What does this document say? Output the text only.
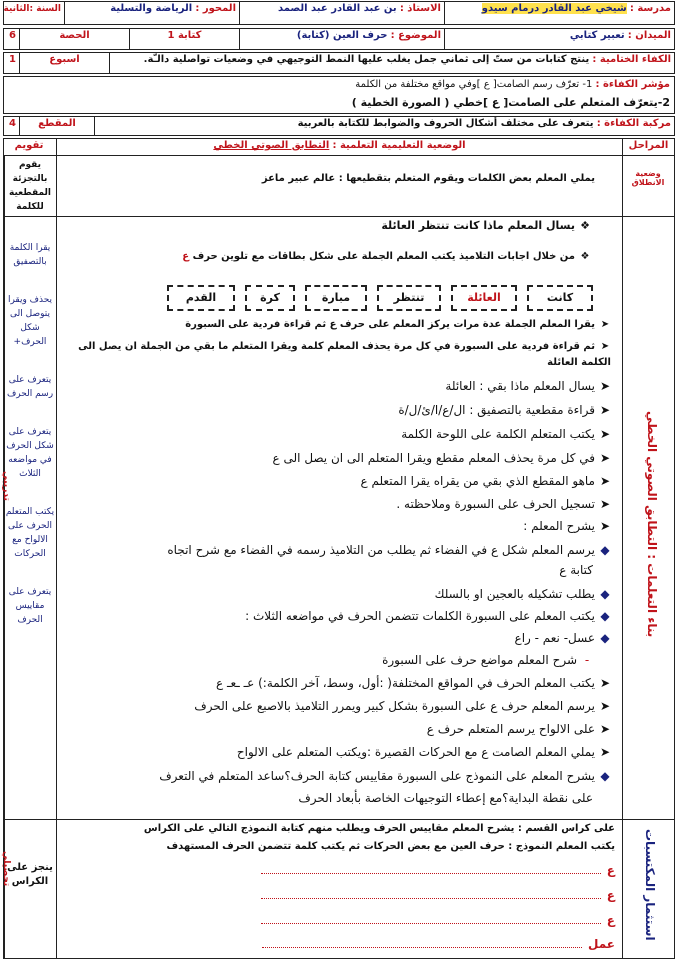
مدرسة : شيخي عبد القادر درمام سيدو
الاستاذ : بن عبد القادر عبد الصمد
المحور : الرياضة والتسلية
السنة :الثانية
الميدان : تعبير كتابي
الموضوع : حرف العين (كتابة)
كتابة 1
الحصة
6
الكفاء الختامية : ينتج كتابات من ستّ إلى ثماني جمل يغلب عليها النمط التوجيهي في وضعيات تواصلية دالـّة.
اسبوع
1
مؤشر الكفاءة : 1- تعرّف رسم الصامت[ ع ]وفي مواقع مختلفة من الكلمة
2-يتعرّف المتعلم على الصامت[ ع ]خطي ( الصورة الخطية )
مركبة الكفاءة : يتعرف على مختلف أشكال الحروف والضوابط للكتابة بالعربية
المقطع
4
المراحل
الوضعية التعليمية التعلمية : التطابق الصوتي الخطي
تقويم
وضعية الانطلاق
يملي المعلم بعض الكلمات ويقوم المتعلم بتقطيعها : عالم عبير ماعز
يقوم بالتجزئة المقطعية للكلمة
بناء التعلمات : التطابق الصوتي الخطي
تدريبي
❖يسال المعلم ماذا كانت تنتظر العائلة
❖من خلال اجابات التلاميذ يكتب المعلم الجملة على شكل بطاقات مع تلوين حرف ع
كانت
العائلة
تنتظر
مبارة
كرة
القدم
➤يقرا المعلم الجملة عدة مرات يركز المعلم على حرف ع ثم قراءة فردية على السبورة
➤ثم قراءة فردية على السبورة في كل مرة يحذف المعلم كلمة ويقرا المتعلم ما بقي من الجملة ان يصل الى
الكلمة العائلة
➤يسال المعلم ماذا بقي : العائلة
➤قراءة مقطعية بالتصفيق : ال/ع/ا/ئ/ل/ة
➤يكتب المتعلم الكلمة على اللوحة الكلمة
➤في كل مرة يحذف المعلم مقطع ويقرا المتعلم الى ان يصل الى ع
➤ماهو المقطع الذي بقي من يقراه يقرا المتعلم ع
➤تسجيل الحرف على السبورة وملاحظته .
➤يشرح المعلم :
◆يرسم المعلم شكل ع في الفضاء ثم يطلب من التلاميذ رسمه في الفضاء مع شرح اتجاه
كتابة ع
◆يطلب تشكيله بالعجين او بالسلك
◆يكتب المعلم على السبورة الكلمات تتضمن الحرف في مواضعه الثلاث :
◆عسل- نعم - راع
-شرح المعلم مواضع حرف على السبورة
➤يكتب المعلم الحرف في المواقع المختلفة( :أول، وسط، آخر الكلمة:) عـ ـعـ ع
➤يرسم المعلم حرف ع على السبورة بشكل كبير ويمرر التلاميذ بالاصبع على الحرف
➤على الالواح يرسم المتعلم حرف ع
➤يملي المعلم الصامت ع مع الحركات القصيرة :ويكتب المتعلم على الالواح
◆يشرح المعلم على النموذج على السبورة مقاييس كتابة الحرف؟ساعد المتعلم في التعرف
على نقطة البداية؟مع إعطاء التوجيهات الخاصة بأبعاد الحرف
يقرا الكلمة بالتصفيق
يحذف ويقرا يتوصل الى شكل الحرف+
يتعرف على رسم الحرف
يتعرف على شكل الحرف في مواضعه الثلاث
يكتب المتعلم الحرف على الالواح مع الحركات
يتعرف على مقاييس الحرف
استثمار المكتسبات
تحصيلي
ينجز على الكراس
على كراس القسم : يشرح المعلم مقاييس الحرف ويطلب منهم كتابة النموذج التالي على الكراس
يكتب المعلم النموذج : حرف العين مع بعض الحركات ثم يكتب كلمة تتضمن الحرف المستهدف
ع
ع
ع
عمل
